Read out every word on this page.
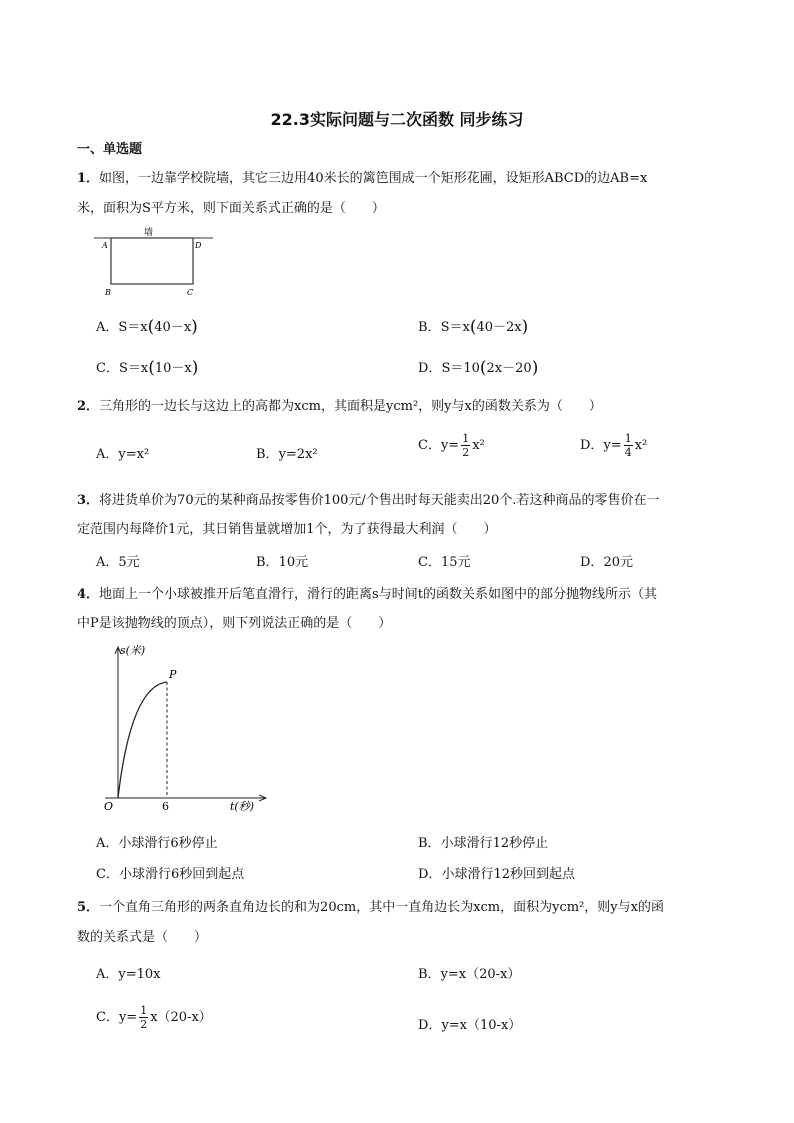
22.3实际问题与二次函数 同步练习
一、单选题
1．如图，一边靠学校院墙，其它三边用40米长的篱笆围成一个矩形花圃，设矩形ABCD的边AB=x
米，面积为S平方米，则下面关系式正确的是（　　）
墙
A	D
B	C
A．S＝x(40－x)	B．S＝x(40－2x)
C．S＝x(10－x)	D．S＝10(2x－20)
2．三角形的一边长与这边上的高都为xcm，其面积是ycm²，则y与x的函数关系为（　　）
A．y=x²	B．y=2x²
C．$y= \frac{1}{2} x^2$	D．$y= \frac{1}{4} x^2$
3．将进货单价为70元的某种商品按零售价100元/个售出时每天能卖出20个.若这种商品的零售价在一
定范围内每降价1元，其日销售量就增加1个，为了获得最大利润（　　）
A．5元	B．10元	C．15元	D．20元
4．地面上一个小球被推开后笔直滑行，滑行的距离s与时间t的函数关系如图中的部分抛物线所示（其
中P是该抛物线的顶点），则下列说法正确的是（　　）
s(米)
t(秒)
O	6
P
A．小球滑行6秒停止	B．小球滑行12秒停止
C．小球滑行6秒回到起点	D．小球滑行12秒回到起点
5．一个直角三角形的两条直角边长的和为20cm，其中一直角边长为xcm，面积为ycm²，则y与x的函
数的关系式是（　　）
A．y=10x	B．y=x（20-x）
C．$y= \frac{1}{2} x(20-x)$
D．y=x（10-x）
